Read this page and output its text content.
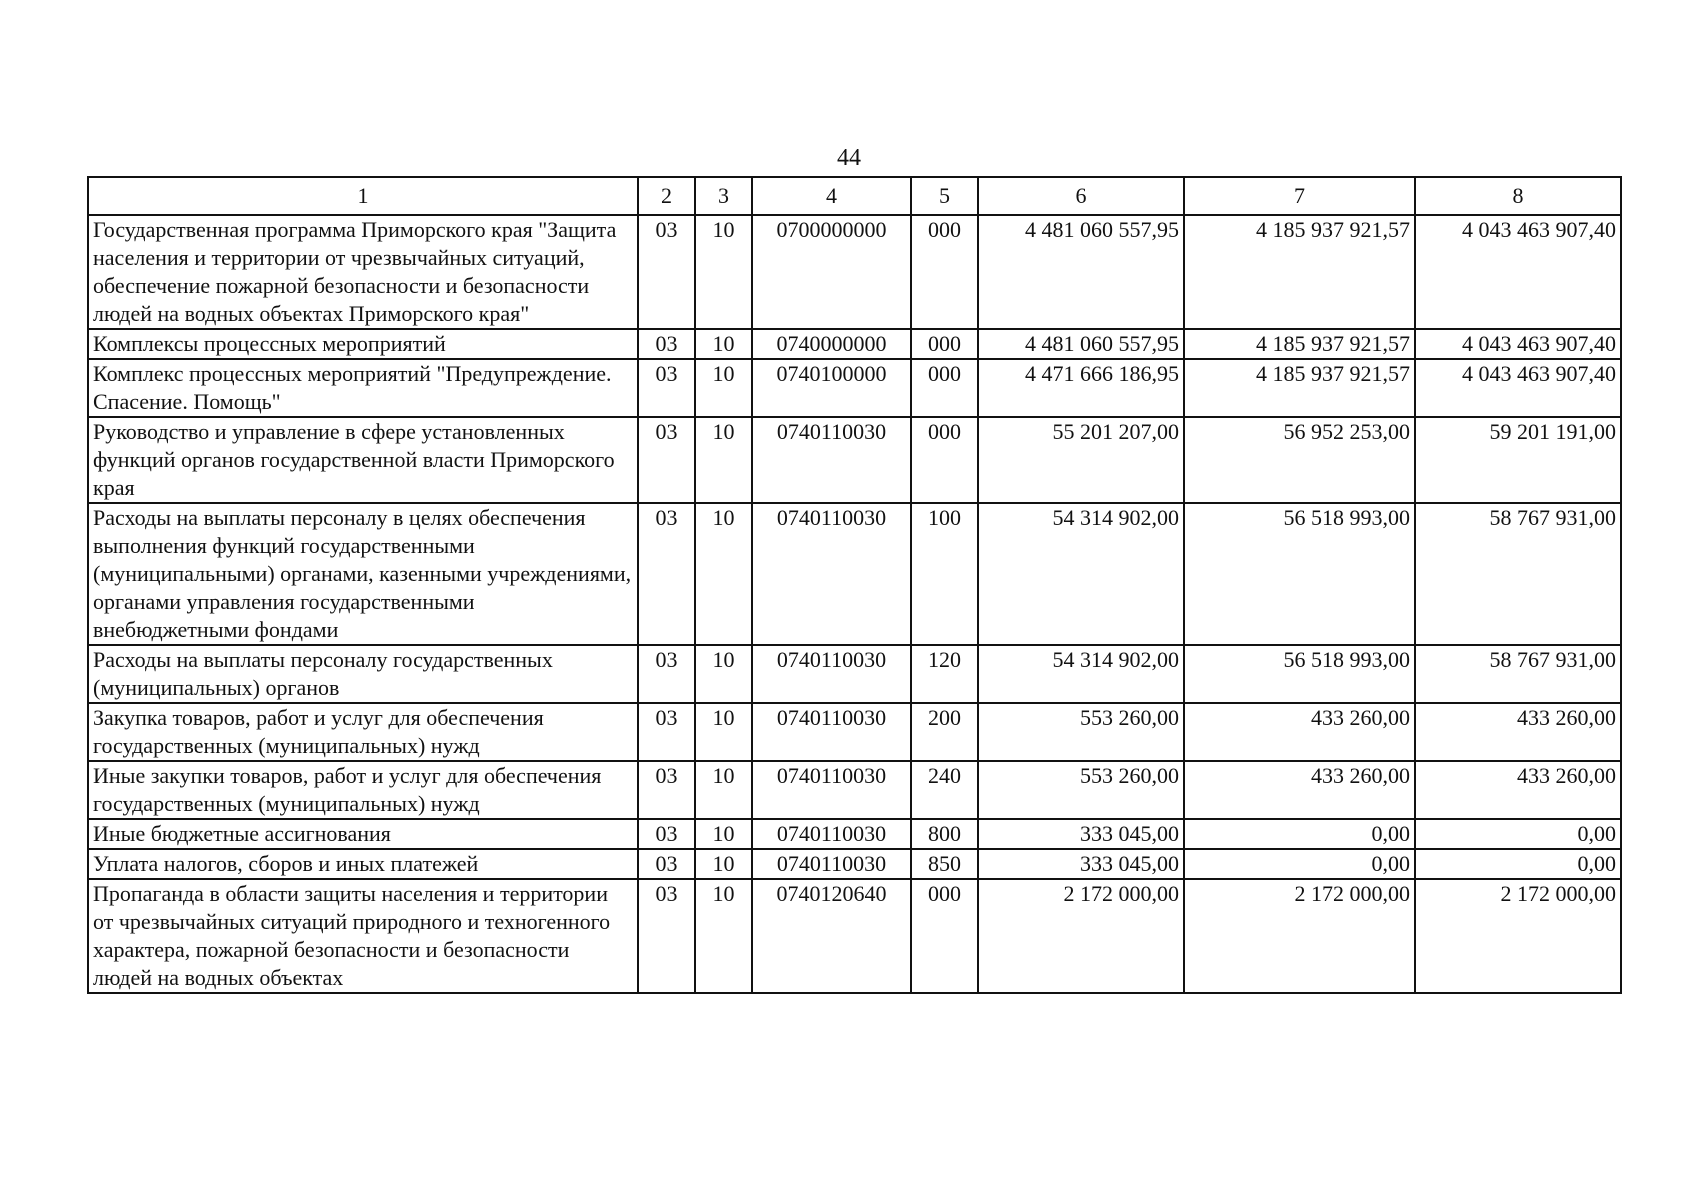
44
1	2	3	4	5	6	7	8
Государственная программа Приморского края "Защита населения и территории от чрезвычайных ситуаций, обеспечение пожарной безопасности и безопасности людей на водных объектах Приморского края"	03	10	0700000000	000	4 481 060 557,95	4 185 937 921,57	4 043 463 907,40
Комплексы процессных мероприятий	03	10	0740000000	000	4 481 060 557,95	4 185 937 921,57	4 043 463 907,40
Комплекс процессных мероприятий "Предупреждение. Спасение. Помощь"	03	10	0740100000	000	4 471 666 186,95	4 185 937 921,57	4 043 463 907,40
Руководство и управление в сфере установленных функций органов государственной власти Приморского края	03	10	0740110030	000	55 201 207,00	56 952 253,00	59 201 191,00
Расходы на выплаты персоналу в целях обеспечения выполнения функций государственными (муниципальными) органами, казенными учреждениями, органами управления государственными внебюджетными фондами	03	10	0740110030	100	54 314 902,00	56 518 993,00	58 767 931,00
Расходы на выплаты персоналу государственных (муниципальных) органов	03	10	0740110030	120	54 314 902,00	56 518 993,00	58 767 931,00
Закупка товаров, работ и услуг для обеспечения государственных (муниципальных) нужд	03	10	0740110030	200	553 260,00	433 260,00	433 260,00
Иные закупки товаров, работ и услуг для обеспечения государственных (муниципальных) нужд	03	10	0740110030	240	553 260,00	433 260,00	433 260,00
Иные бюджетные ассигнования	03	10	0740110030	800	333 045,00	0,00	0,00
Уплата налогов, сборов и иных платежей	03	10	0740110030	850	333 045,00	0,00	0,00
Пропаганда в области защиты населения и территории от чрезвычайных ситуаций природного и техногенного характера, пожарной безопасности и безопасности людей на водных объектах	03	10	0740120640	000	2 172 000,00	2 172 000,00	2 172 000,00
